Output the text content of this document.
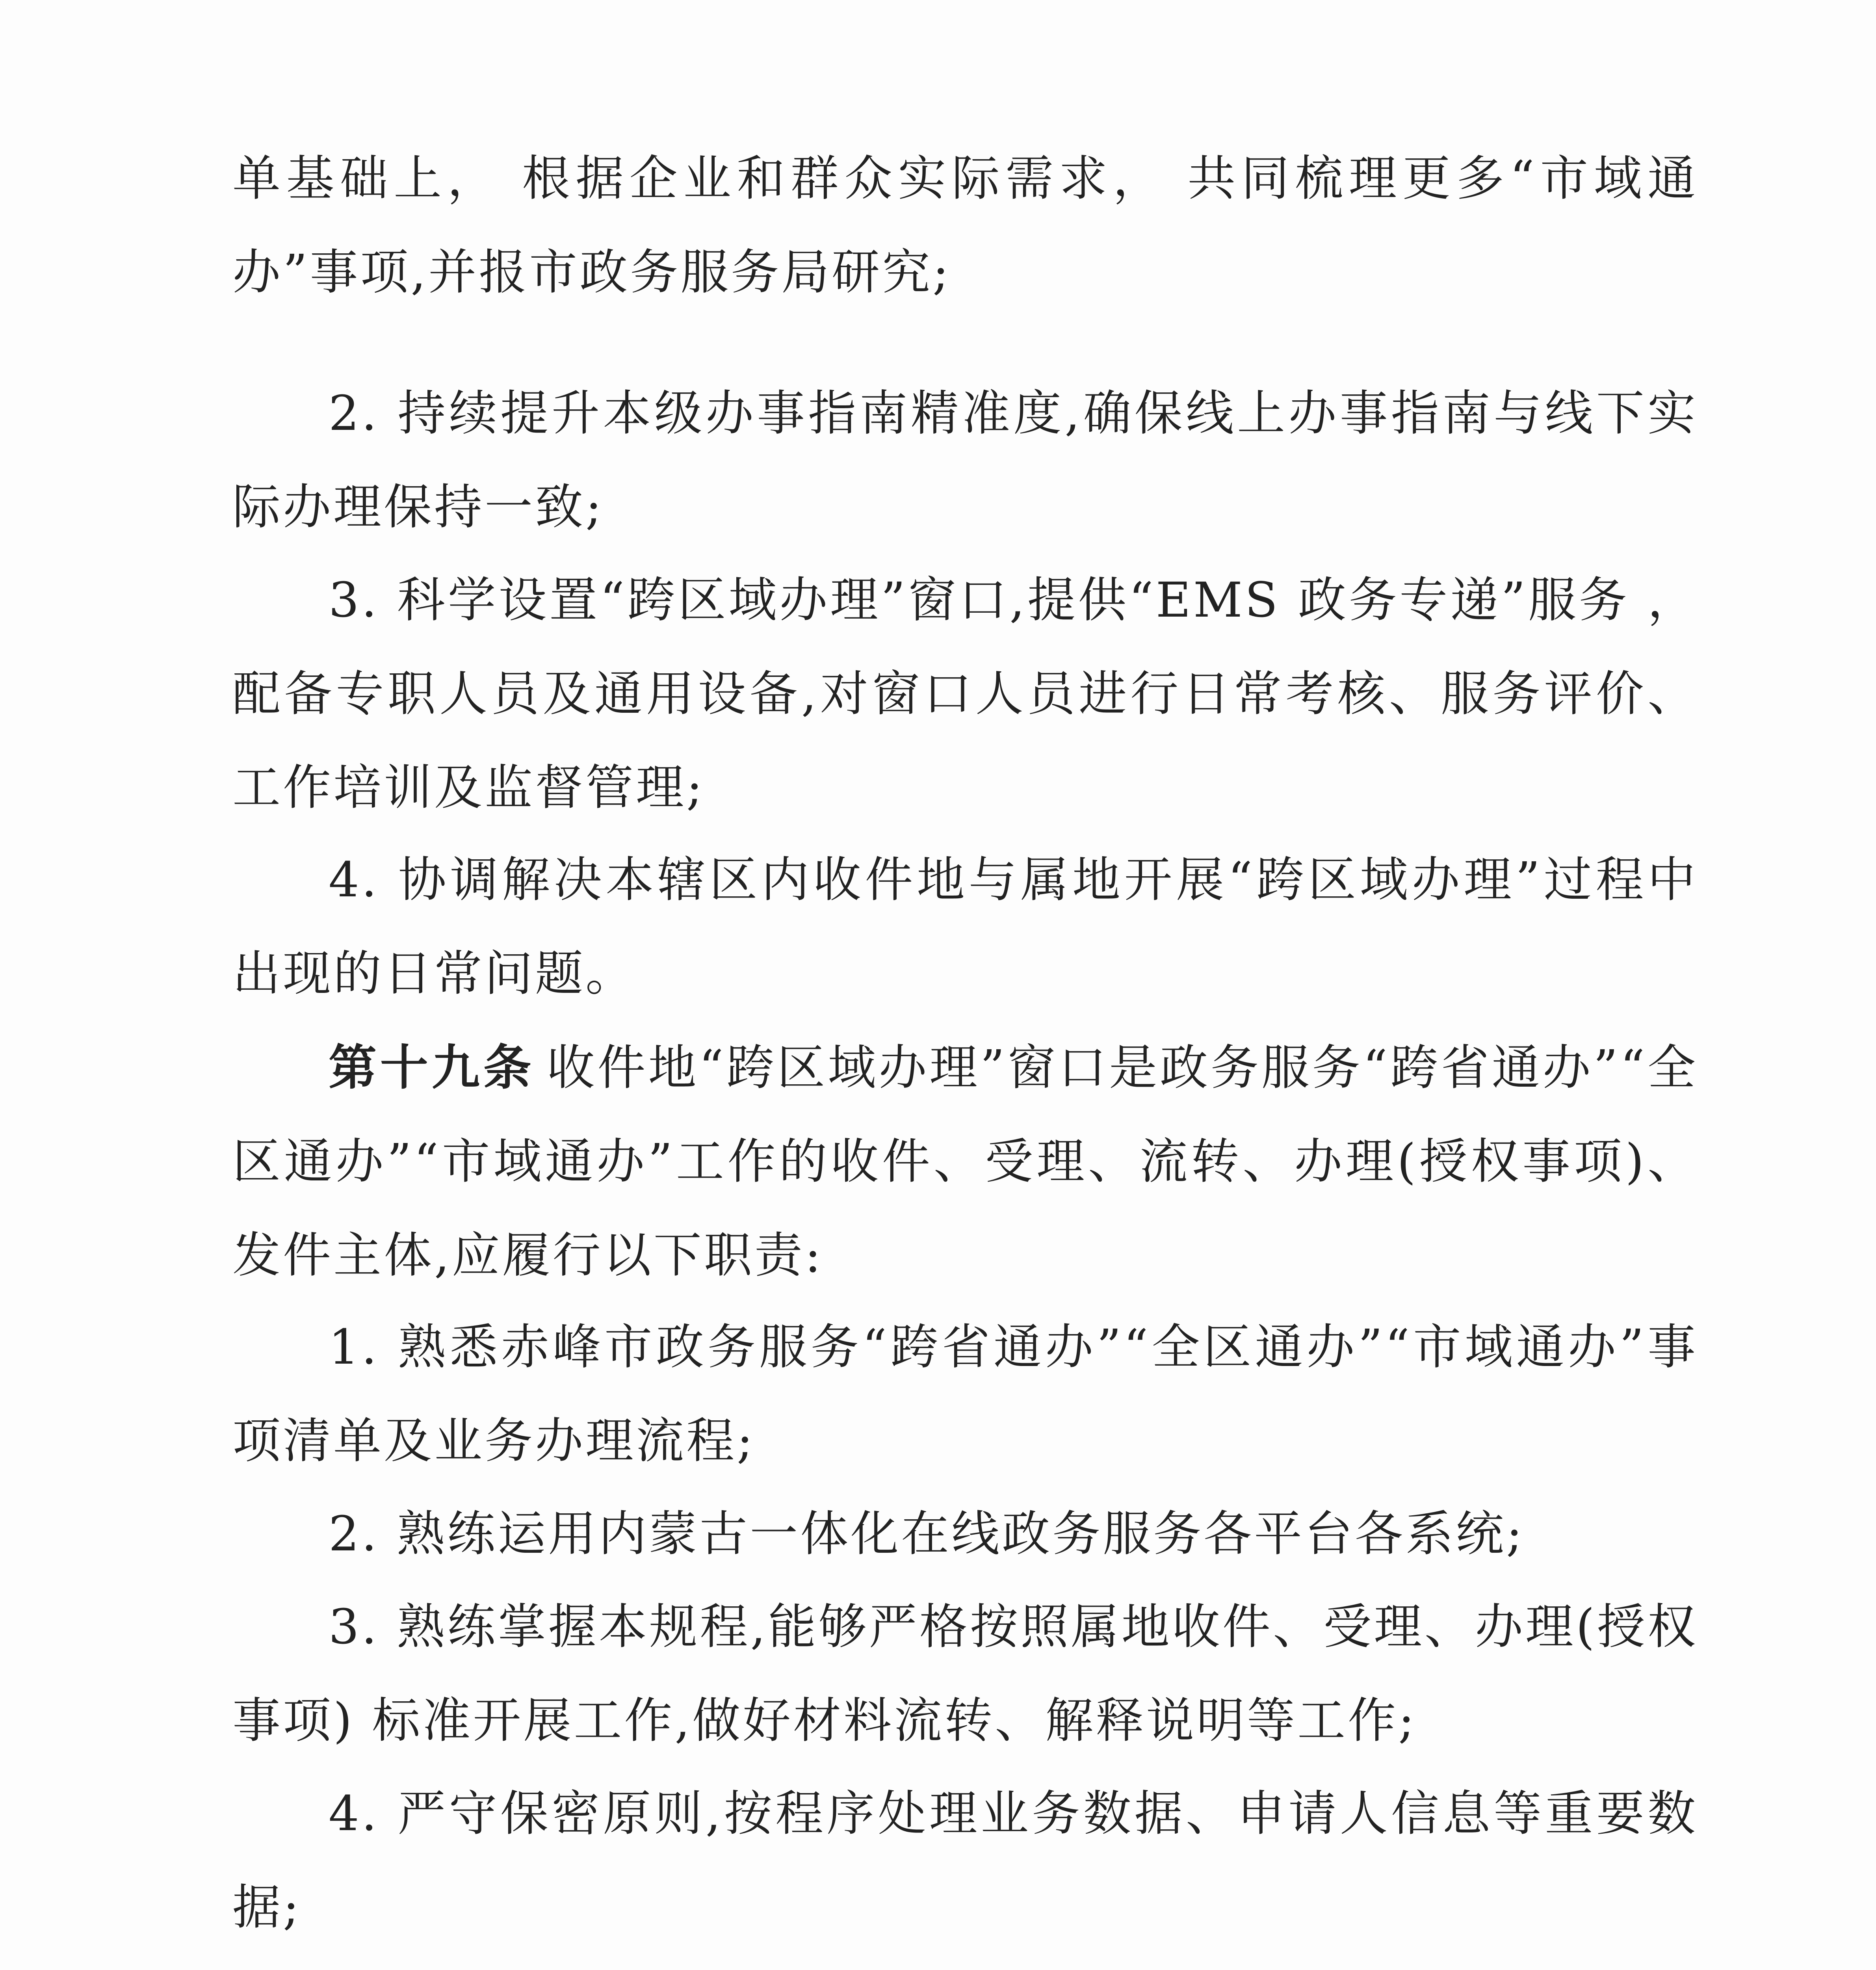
单基础上， 根据企业和群众实际需求， 共同梳理更多“市域通办”事项,并报市政务服务局研究;

2. 持续提升本级办事指南精准度,确保线上办事指南与线下实际办理保持一致;

3. 科学设置“跨区域办理”窗口,提供“EMS 政务专递”服务 ，配备专职人员及通用设备,对窗口人员进行日常考核、服务评价、工作培训及监督管理;

4. 协调解决本辖区内收件地与属地开展“跨区域办理”过程中出现的日常问题。

第十九条 收件地“跨区域办理”窗口是政务服务“跨省通办”“全区通办”“市域通办”工作的收件、受理、流转、办理(授权事项)、发件主体,应履行以下职责:

1. 熟悉赤峰市政务服务“跨省通办”“全区通办”“市域通办”事项清单及业务办理流程;

2. 熟练运用内蒙古一体化在线政务服务各平台各系统;

3. 熟练掌握本规程,能够严格按照属地收件、受理、办理(授权事项) 标准开展工作,做好材料流转、解释说明等工作;

4. 严守保密原则,按程序处理业务数据、申请人信息等重要数据;
